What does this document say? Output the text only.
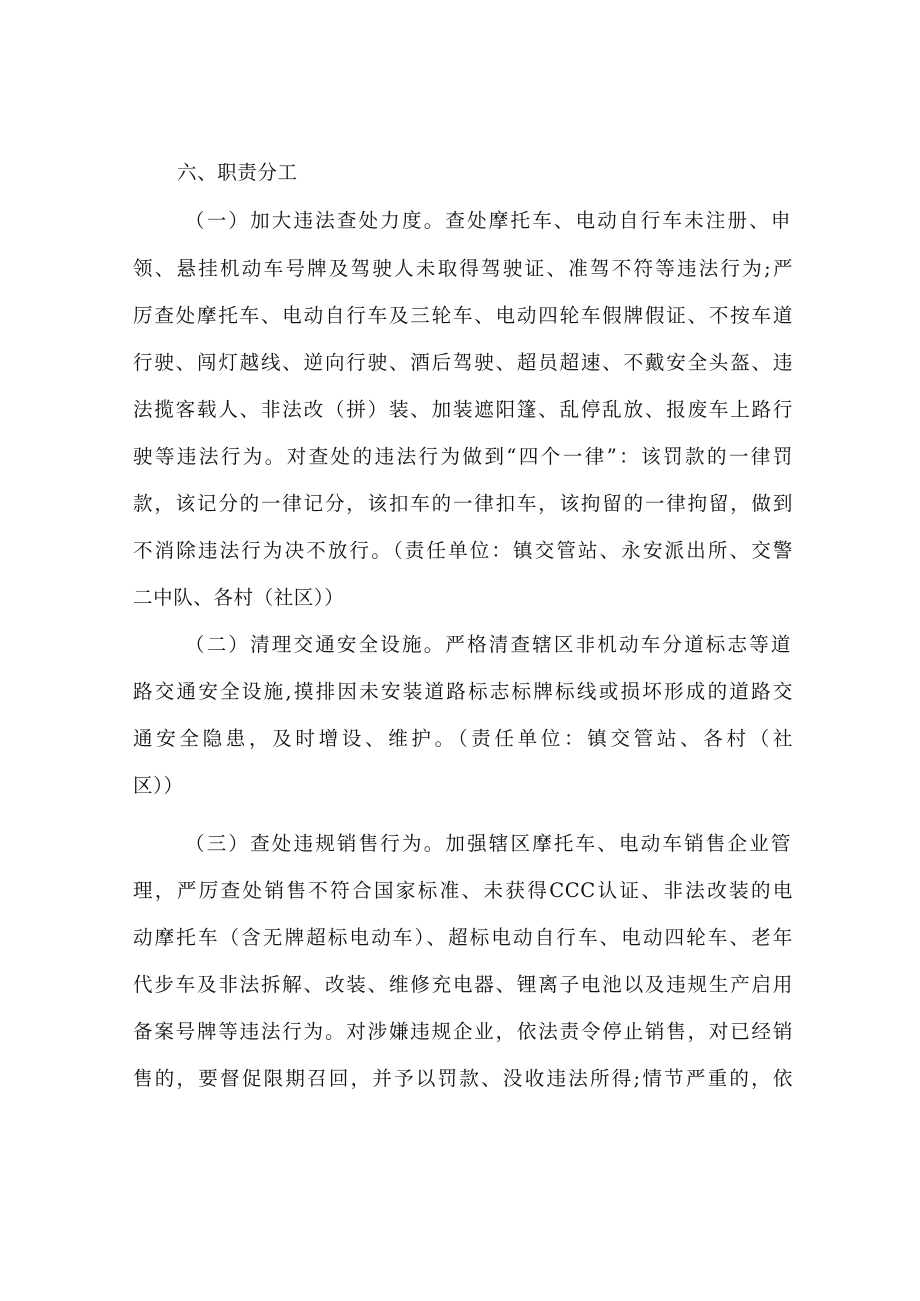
六、职责分工
（一）加大违法查处力度。查处摩托车、电动自行车未注册、申
领、悬挂机动车号牌及驾驶人未取得驾驶证、准驾不符等违法行为;严
厉查处摩托车、电动自行车及三轮车、电动四轮车假牌假证、不按车道
行驶、闯灯越线、逆向行驶、酒后驾驶、超员超速、不戴安全头盔、违
法揽客载人、非法改（拼）装、加装遮阳篷、乱停乱放、报废车上路行
驶等违法行为。对查处的违法行为做到“四个一律”：该罚款的一律罚
款，该记分的一律记分，该扣车的一律扣车，该拘留的一律拘留，做到
不消除违法行为决不放行。（责任单位：镇交管站、永安派出所、交警
二中队、各村（社区））
（二）清理交通安全设施。严格清查辖区非机动车分道标志等道
路交通安全设施,摸排因未安装道路标志标牌标线或损坏形成的道路交
通安全隐患，及时增设、维护。（责任单位：镇交管站、各村（社
区））
（三）查处违规销售行为。加强辖区摩托车、电动车销售企业管
理，严厉查处销售不符合国家标准、未获得CCC认证、非法改装的电
动摩托车（含无牌超标电动车）、超标电动自行车、电动四轮车、老年
代步车及非法拆解、改装、维修充电器、锂离子电池以及违规生产启用
备案号牌等违法行为。对涉嫌违规企业，依法责令停止销售，对已经销
售的，要督促限期召回，并予以罚款、没收违法所得;情节严重的，依
